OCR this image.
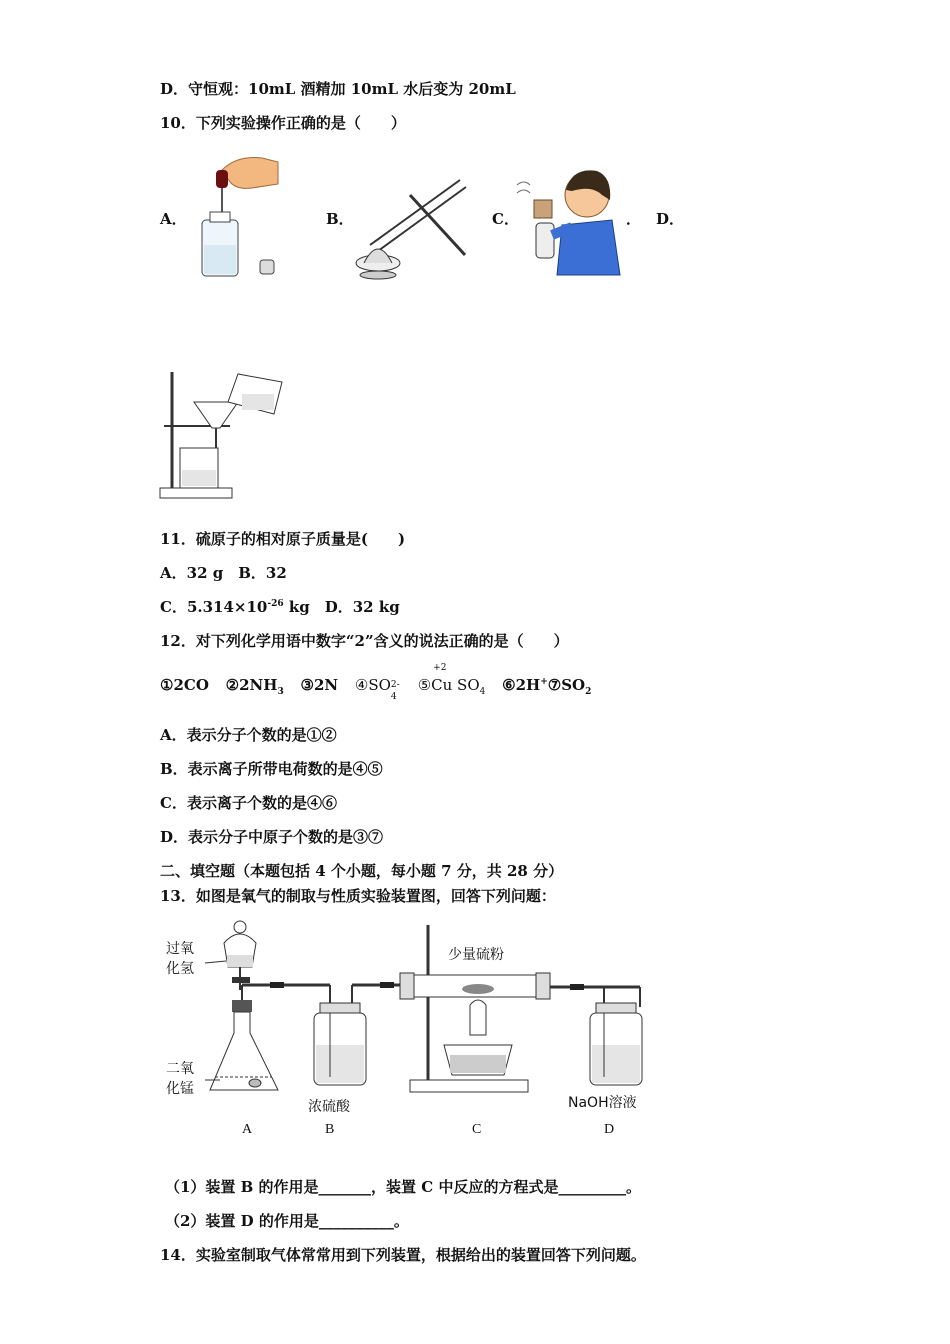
D．守恒观：10mL 酒精加 10mL 水后变为 20mL
10．下列实验操作正确的是（　　）
A．	B．	C．	． D．
11．硫原子的相对原子质量是(　　)
A．32 g　B．32
C．$5.314\times 10^{-26}$ kg　D．32 kg
12．对下列化学用语中数字“2”含义的说法正确的是（　　）
①2CO ②2NH3 ③2N ④SO 2-
4
⑤
+2
Cu SO4 ⑥2H+⑦SO2
A．表示分子个数的是①②
B．表示离子所带电荷数的是④⑤
C．表示离子个数的是④⑥
D．表示分子中原子个数的是③⑦
二、填空题（本题包括 4 个小题，每小题 7 分，共 28 分）
13．如图是氧气的制取与性质实验装置图，回答下列问题：
过氧
化氢
二氧
化锰
少量硫粉
浓硫酸	NaOH溶液
A	B	C	D
（1）装置 B 的作用是_______，装置 C 中反应的方程式是_________。
（2）装置 D 的作用是__________。
14．实验室制取气体常常用到下列装置，根据给出的装置回答下列问题。
